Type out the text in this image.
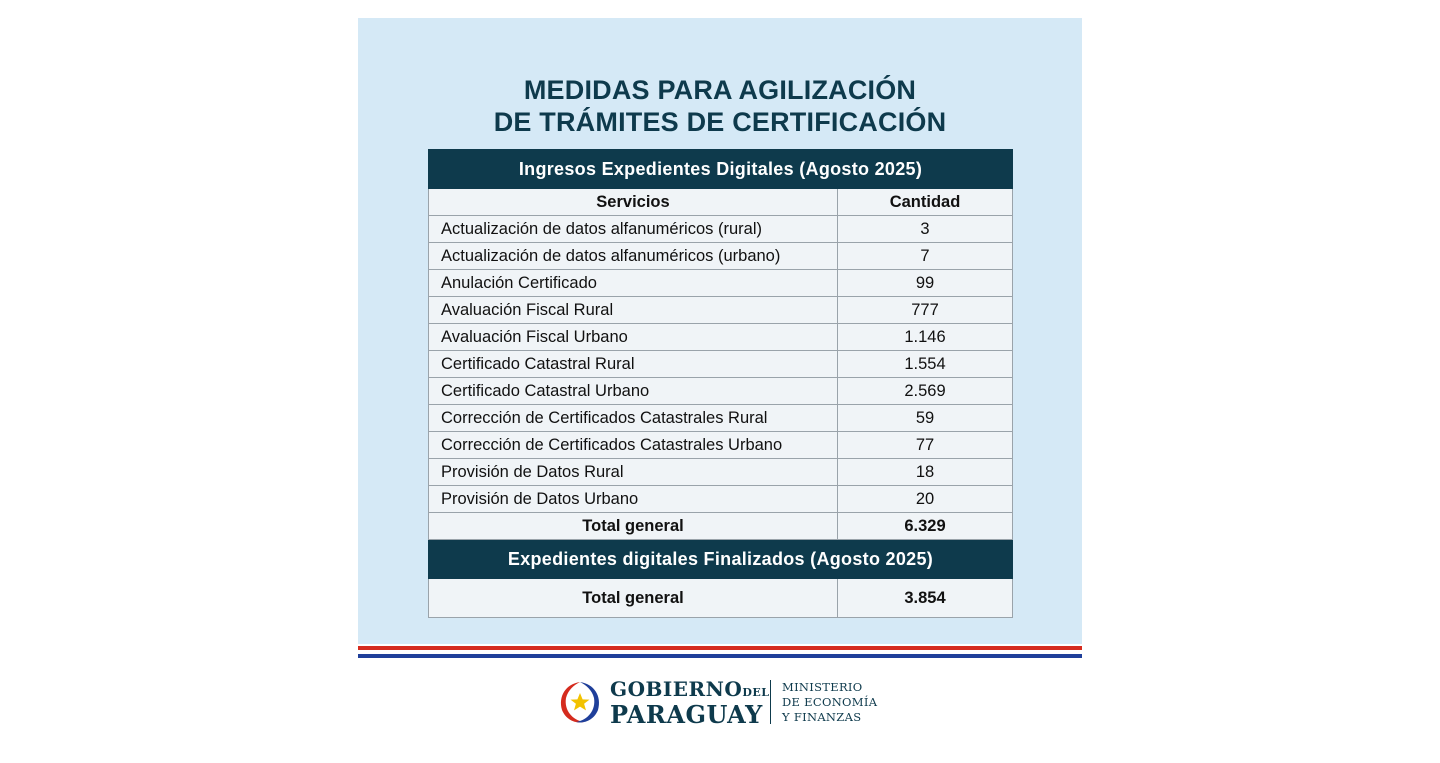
MEDIDAS PARA AGILIZACIÓN
DE TRÁMITES DE CERTIFICACIÓN
Ingresos Expedientes Digitales (Agosto 2025)	
Servicios	Cantidad
Actualización de datos alfanuméricos (rural)	3
Actualización de datos alfanuméricos (urbano)	7
Anulación Certificado	99
Avaluación Fiscal Rural	777
Avaluación Fiscal Urbano	1.146
Certificado Catastral Rural	1.554
Certificado Catastral Urbano	2.569
Corrección de Certificados Catastrales Rural	59
Corrección de Certificados Catastrales Urbano	77
Provisión de Datos Rural	18
Provisión de Datos Urbano	20
Total general	6.329
Expedientes digitales Finalizados (Agosto 2025)	
Total general	3.854
GOBIERNODEL
PARAGUAY
MINISTERIO
DE ECONOMÍA
Y FINANZAS
